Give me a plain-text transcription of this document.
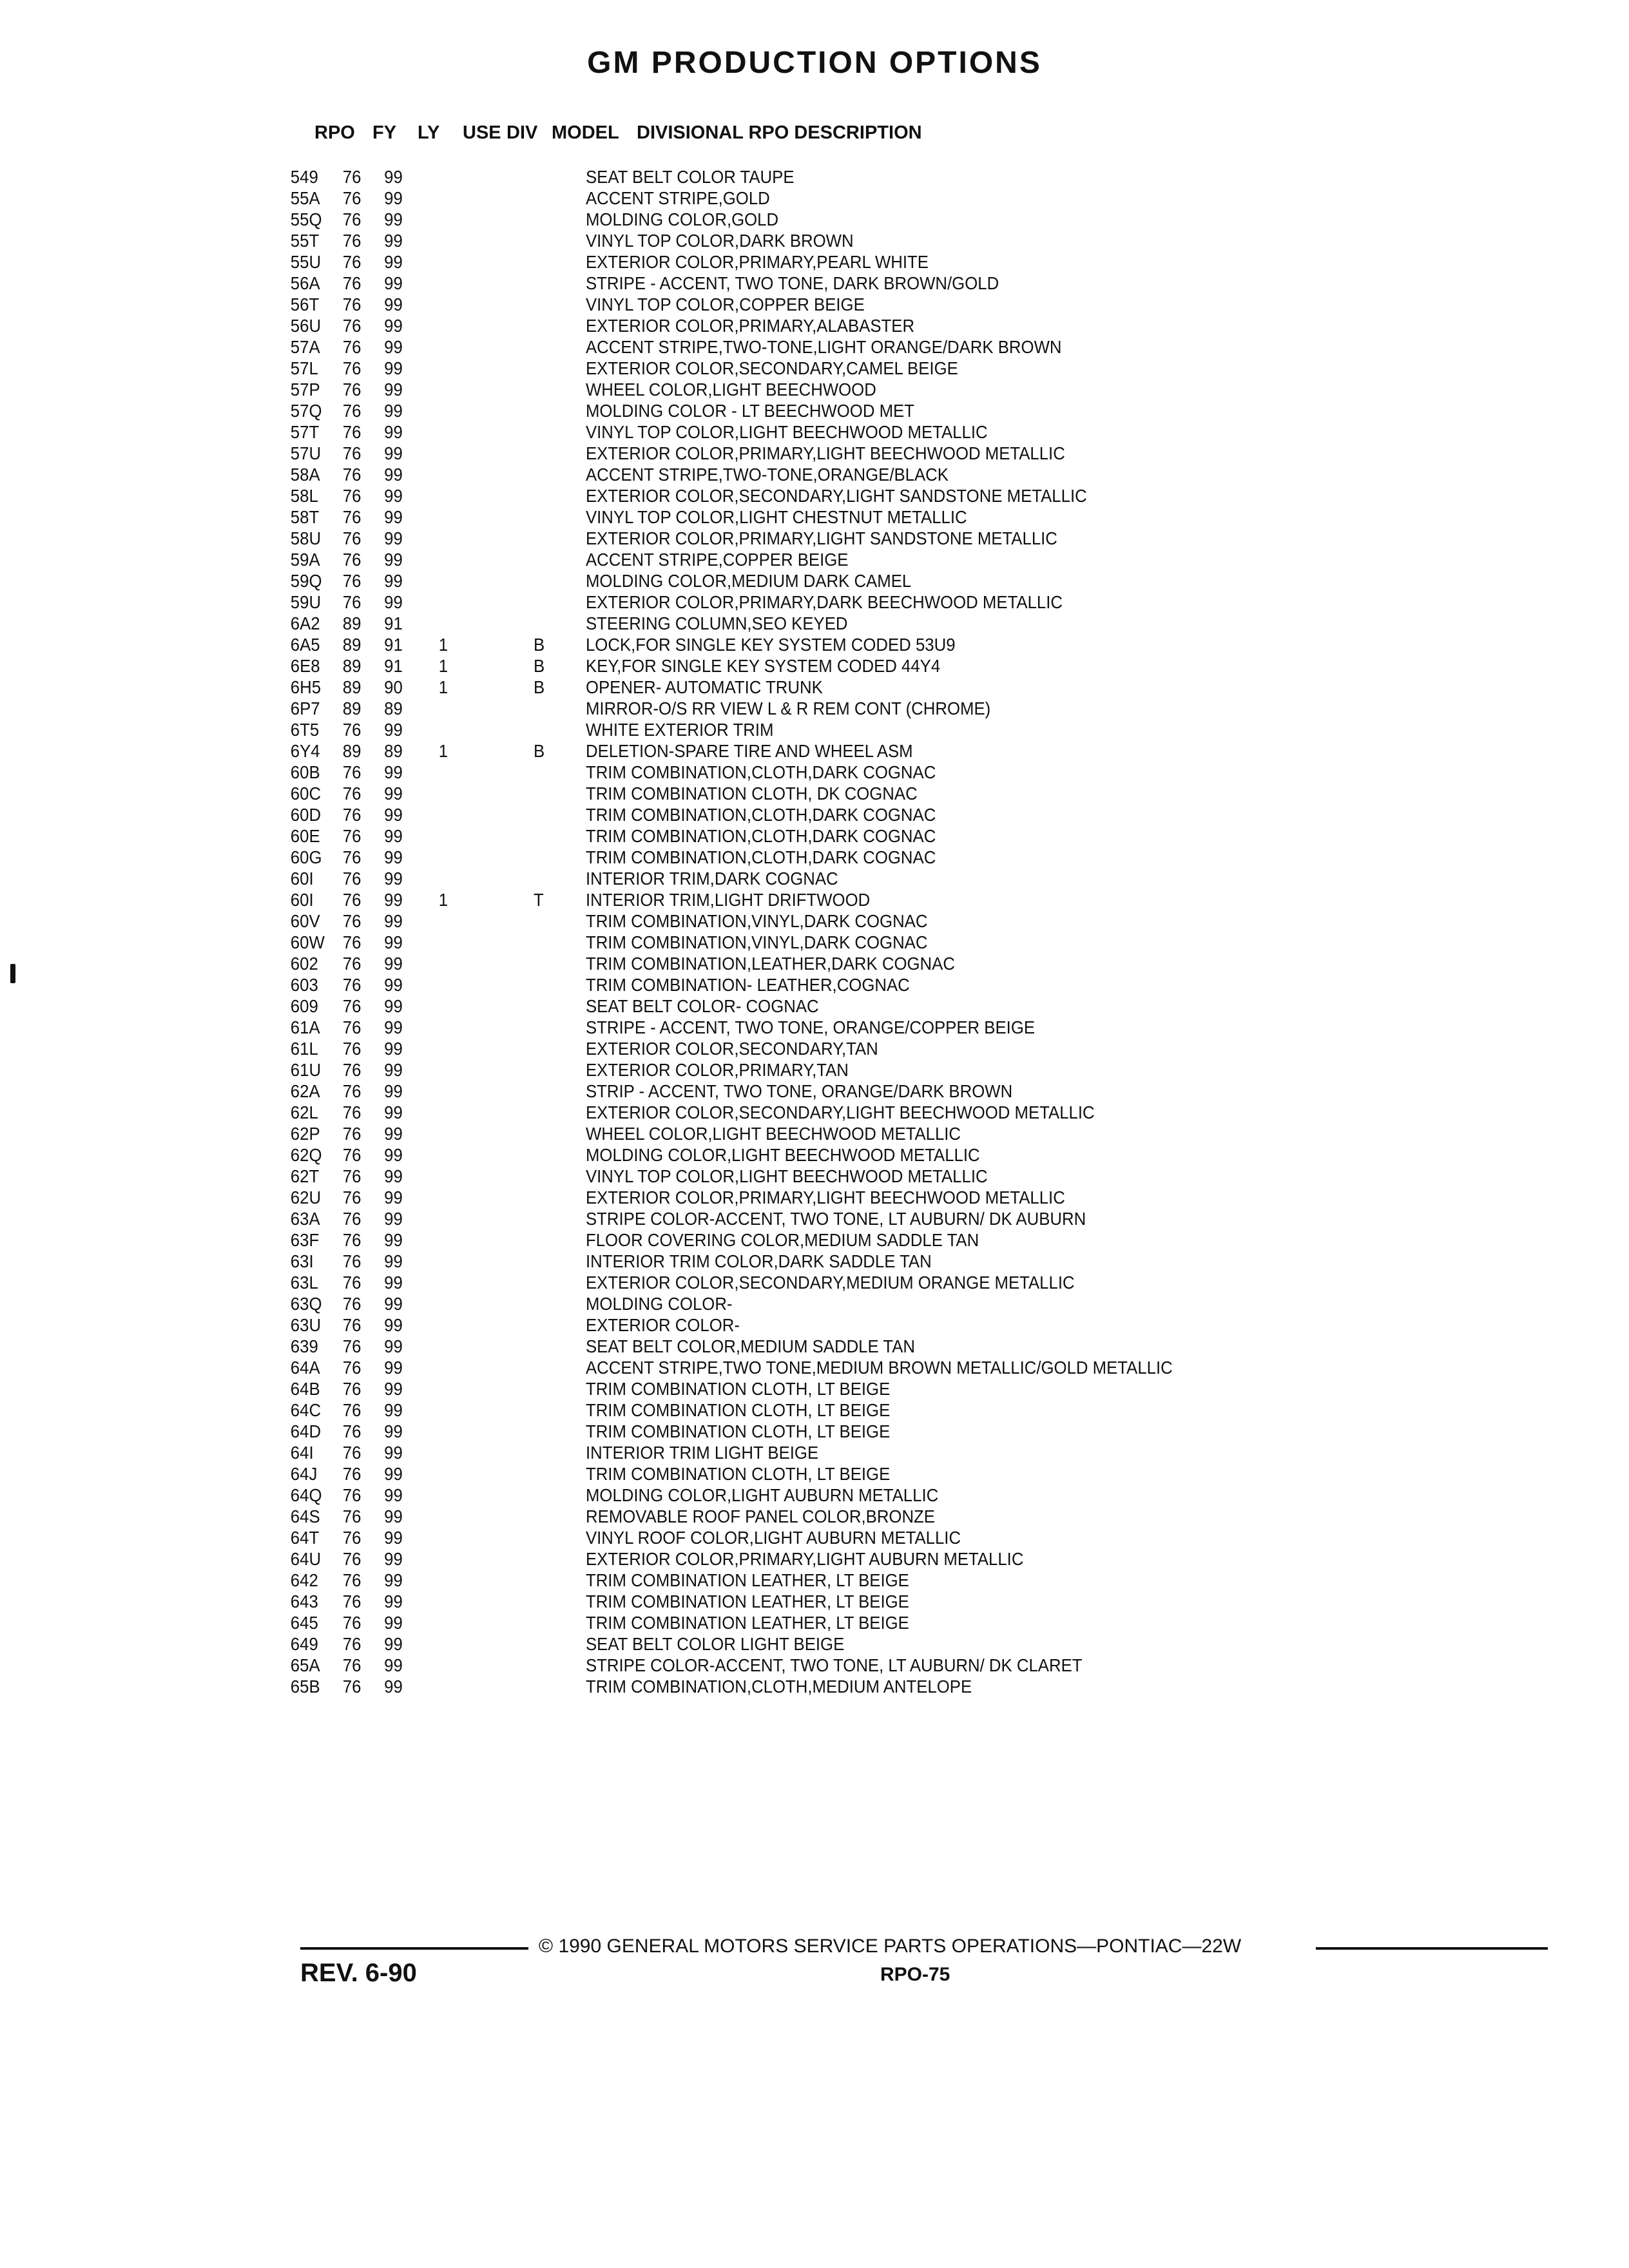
GM PRODUCTION OPTIONS
RPO FY LY USE DIV MODEL DIVISIONAL RPO DESCRIPTION
549 76 99	SEAT BELT COLOR TAUPE
55A 76 99	ACCENT STRIPE,GOLD
55Q 76 99	MOLDING COLOR,GOLD
55T 76 99	VINYL TOP COLOR,DARK BROWN
55U 76 99	EXTERIOR COLOR,PRIMARY,PEARL WHITE
56A 76 99	STRIPE - ACCENT, TWO TONE, DARK BROWN/GOLD
56T 76 99	VINYL TOP COLOR,COPPER BEIGE
56U 76 99	EXTERIOR COLOR,PRIMARY,ALABASTER
57A 76 99	ACCENT STRIPE,TWO-TONE,LIGHT ORANGE/DARK BROWN
57L 76 99	EXTERIOR COLOR,SECONDARY,CAMEL BEIGE
57P 76 99	WHEEL COLOR,LIGHT BEECHWOOD
57Q 76 99	MOLDING COLOR - LT BEECHWOOD MET
57T 76 99	VINYL TOP COLOR,LIGHT BEECHWOOD METALLIC
57U 76 99	EXTERIOR COLOR,PRIMARY,LIGHT BEECHWOOD METALLIC
58A 76 99	ACCENT STRIPE,TWO-TONE,ORANGE/BLACK
58L 76 99	EXTERIOR COLOR,SECONDARY,LIGHT SANDSTONE METALLIC
58T 76 99	VINYL TOP COLOR,LIGHT CHESTNUT METALLIC
58U 76 99	EXTERIOR COLOR,PRIMARY,LIGHT SANDSTONE METALLIC
59A 76 99	ACCENT STRIPE,COPPER BEIGE
59Q 76 99	MOLDING COLOR,MEDIUM DARK CAMEL
59U 76 99	EXTERIOR COLOR,PRIMARY,DARK BEECHWOOD METALLIC
6A2 89 91	STEERING COLUMN,SEO KEYED
6A5 89 91 1	B LOCK,FOR SINGLE KEY SYSTEM CODED 53U9
6E8 89 91 1	B KEY,FOR SINGLE KEY SYSTEM CODED 44Y4
6H5 89 90 1	B OPENER- AUTOMATIC TRUNK
6P7 89 89	MIRROR-O/S RR VIEW L & R REM CONT (CHROME)
6T5 76 99	WHITE EXTERIOR TRIM
6Y4 89 89 1	B DELETION-SPARE TIRE AND WHEEL ASM
60B 76 99	TRIM COMBINATION,CLOTH,DARK COGNAC
60C 76 99	TRIM COMBINATION CLOTH, DK COGNAC
60D 76 99	TRIM COMBINATION,CLOTH,DARK COGNAC
60E 76 99	TRIM COMBINATION,CLOTH,DARK COGNAC
60G 76 99	TRIM COMBINATION,CLOTH,DARK COGNAC
60I 76 99	INTERIOR TRIM,DARK COGNAC
60I 76 99 1	T INTERIOR TRIM,LIGHT DRIFTWOOD
60V 76 99	TRIM COMBINATION,VINYL,DARK COGNAC
60W 76 99	TRIM COMBINATION,VINYL,DARK COGNAC
602 76 99	TRIM COMBINATION,LEATHER,DARK COGNAC
603 76 99	TRIM COMBINATION- LEATHER,COGNAC
609 76 99	SEAT BELT COLOR- COGNAC
61A 76 99	STRIPE - ACCENT, TWO TONE, ORANGE/COPPER BEIGE
61L 76 99	EXTERIOR COLOR,SECONDARY,TAN
61U 76 99	EXTERIOR COLOR,PRIMARY,TAN
62A 76 99	STRIP - ACCENT, TWO TONE, ORANGE/DARK BROWN
62L 76 99	EXTERIOR COLOR,SECONDARY,LIGHT BEECHWOOD METALLIC
62P 76 99	WHEEL COLOR,LIGHT BEECHWOOD METALLIC
62Q 76 99	MOLDING COLOR,LIGHT BEECHWOOD METALLIC
62T 76 99	VINYL TOP COLOR,LIGHT BEECHWOOD METALLIC
62U 76 99	EXTERIOR COLOR,PRIMARY,LIGHT BEECHWOOD METALLIC
63A 76 99	STRIPE COLOR-ACCENT, TWO TONE, LT AUBURN/ DK AUBURN
63F 76 99	FLOOR COVERING COLOR,MEDIUM SADDLE TAN
63I 76 99	INTERIOR TRIM COLOR,DARK SADDLE TAN
63L 76 99	EXTERIOR COLOR,SECONDARY,MEDIUM ORANGE METALLIC
63Q 76 99	MOLDING COLOR-
63U 76 99	EXTERIOR COLOR-
639 76 99	SEAT BELT COLOR,MEDIUM SADDLE TAN
64A 76 99	ACCENT STRIPE,TWO TONE,MEDIUM BROWN METALLIC/GOLD METALLIC
64B 76 99	TRIM COMBINATION CLOTH, LT BEIGE
64C 76 99	TRIM COMBINATION CLOTH, LT BEIGE
64D 76 99	TRIM COMBINATION CLOTH, LT BEIGE
64I 76 99	INTERIOR TRIM LIGHT BEIGE
64J 76 99	TRIM COMBINATION CLOTH, LT BEIGE
64Q 76 99	MOLDING COLOR,LIGHT AUBURN METALLIC
64S 76 99	REMOVABLE ROOF PANEL COLOR,BRONZE
64T 76 99	VINYL ROOF COLOR,LIGHT AUBURN METALLIC
64U 76 99	EXTERIOR COLOR,PRIMARY,LIGHT AUBURN METALLIC
642 76 99	TRIM COMBINATION LEATHER, LT BEIGE
643 76 99	TRIM COMBINATION LEATHER, LT BEIGE
645 76 99	TRIM COMBINATION LEATHER, LT BEIGE
649 76 99	SEAT BELT COLOR LIGHT BEIGE
65A 76 99	STRIPE COLOR-ACCENT, TWO TONE, LT AUBURN/ DK CLARET
65B 76 99	TRIM COMBINATION,CLOTH,MEDIUM ANTELOPE
© 1990 GENERAL MOTORS SERVICE PARTS OPERATIONS—PONTIAC—22W
REV. 6-90	RPO-75
